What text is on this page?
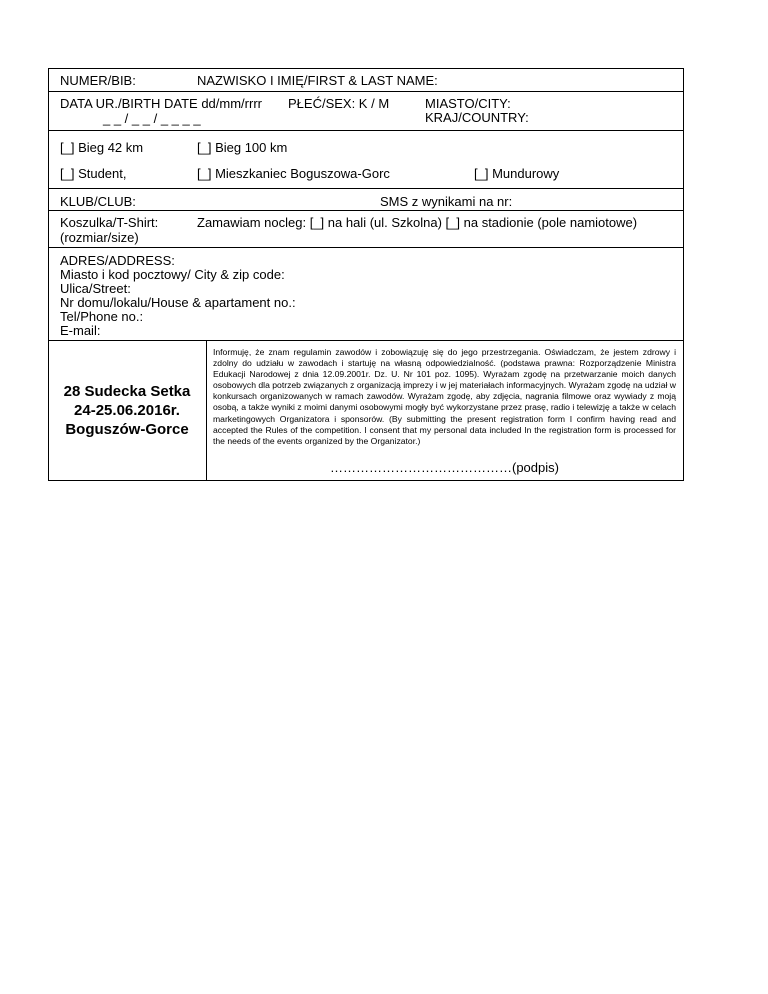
NUMER/BIB:	NAZWISKO I IMIĘ/FIRST & LAST NAME:
DATA UR./BIRTH DATE dd/mm/rrrr
_ _ / _ _ / _ _ _ _
PŁEĆ/SEX: K / M	MIASTO/CITY:
KRAJ/COUNTRY:
[_] Bieg 42 km	[_] Bieg 100 km
[_] Student,	[_] Mieszkaniec Boguszowa-Gorc	[_] Mundurowy
KLUB/CLUB:	SMS z wynikami na nr:
Koszulka/T-Shirt:
(rozmiar/size)
Zamawiam nocleg: [_] na hali (ul. Szkolna) [_] na stadionie (pole namiotowe)
ADRES/ADDRESS:
Miasto i kod pocztowy/ City & zip code:
Ulica/Street:
Nr domu/lokalu/House & apartament no.:
Tel/Phone no.:
E-mail:
28 Sudecka Setka
24-25.06.2016r.
Boguszów-Gorce
Informuję, że znam regulamin zawodów i zobowiązuję się do jego przestrzegania. Oświadczam, że jestem zdrowy i zdolny do udziału w zawodach i startuję na własną odpowiedzialność. (podstawa prawna: Rozporządzenie Ministra Edukacji Narodowej z dnia 12.09.2001r. Dz. U. Nr 101 poz. 1095). Wyrażam zgodę na przetwarzanie moich danych osobowych dla potrzeb związanych z organizacją imprezy i w jej materiałach informacyjnych. Wyrażam zgodę na udział w konkursach organizowanych w ramach zawodów. Wyrażam zgodę, aby zdjęcia, nagrania filmowe oraz wywiady z moją osobą, a także wyniki z moimi danymi osobowymi mogły być wykorzystane przez prasę, radio i telewizję a także w celach marketingowych Organizatora i sponsorów. (By submitting the present registration form I confirm having read and accepted the Rules of the competition. I consent that my personal data included In the registration form is processed for the needs of the events organized by the Organizator.)
……………………………………(podpis)
